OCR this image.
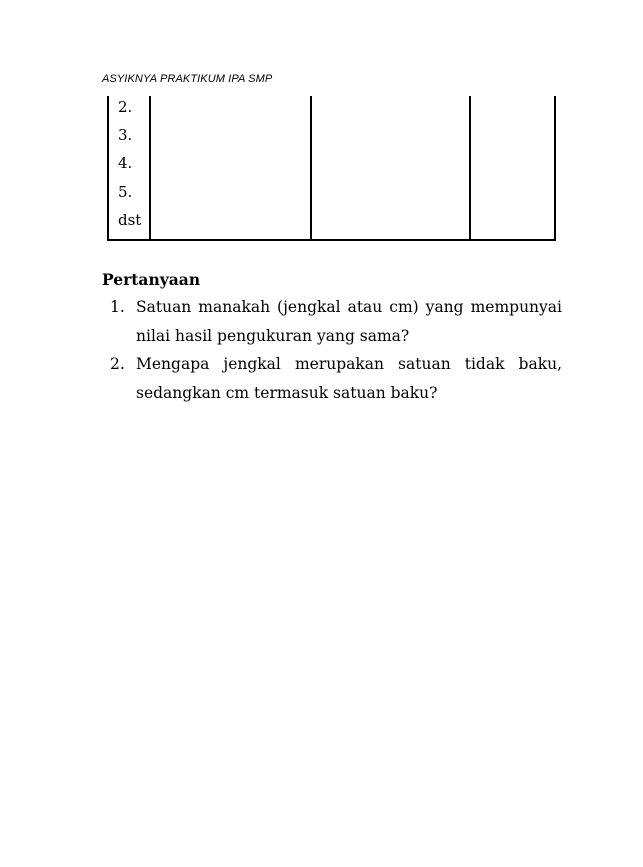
ASYIKNYA PRAKTIKUM IPA SMP
2.
3.
4.
5.
dst
Pertanyaan
1. Satuan manakah (jengkal atau cm) yang mempunyai nilai hasil pengukuran yang sama?
2. Mengapa jengkal merupakan satuan tidak baku, sedangkan cm termasuk satuan baku?
